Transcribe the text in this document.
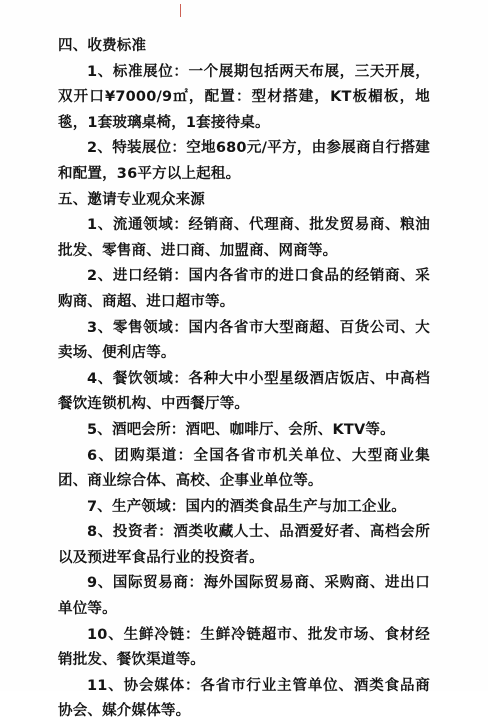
四、收费标准

1、标准展位：一个展期包括两天布展，三天开展，双开口¥7000/9㎡，配置：型材搭建，KT板楣板，地毯，1套玻璃桌椅，1套接待桌。

2、特装展位：空地680元/平方，由参展商自行搭建和配置，36平方以上起租。

五、邀请专业观众来源

1、流通领域：经销商、代理商、批发贸易商、粮油批发、零售商、进口商、加盟商、网商等。

2、进口经销：国内各省市的进口食品的经销商、采购商、商超、进口超市等。

3、零售领域：国内各省市大型商超、百货公司、大卖场、便利店等。

4、餐饮领域：各种大中小型星级酒店饭店、中高档餐饮连锁机构、中西餐厅等。

5、酒吧会所：酒吧、咖啡厅、会所、KTV等。

6、团购渠道：全国各省市机关单位、大型商业集团、商业综合体、高校、企事业单位等。

7、生产领域：国内的酒类食品生产与加工企业。

8、投资者：酒类收藏人士、品酒爱好者、高档会所以及预进军食品行业的投资者。

9、国际贸易商：海外国际贸易商、采购商、进出口单位等。

10、生鲜冷链：生鲜冷链超市、批发市场、食材经销批发、餐饮渠道等。

11、协会媒体：各省市行业主管单位、酒类食品商协会、媒介媒体等。
